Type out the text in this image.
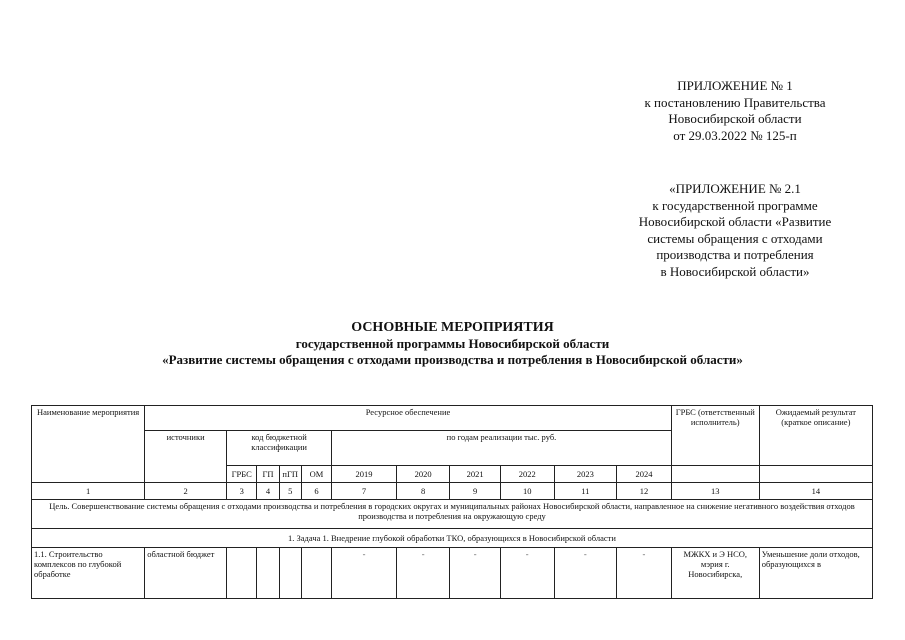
ПРИЛОЖЕНИЕ № 1
к постановлению Правительства
Новосибирской области
от 29.03.2022 № 125-п
«ПРИЛОЖЕНИЕ № 2.1
к государственной программе
Новосибирской области «Развитие
системы обращения с отходами
производства и потребления
в Новосибирской области»
ОСНОВНЫЕ МЕРОПРИЯТИЯ
государственной программы Новосибирской области
«Развитие системы обращения с отходами производства и потребления в Новосибирской области»
Наименование мероприятия	Ресурсное обеспечение											ГРБС (ответственный исполнитель)	Ожидаемый результат (краткое описание)
	источники	код бюджетной классификации				по годам реализации тыс. руб.							
		ГРБС	ГП	пГП	ОМ	2019	2020	2021	2022	2023	2024		
1	2	3	4	5	6	7	8	9	10	11	12	13	14
Цель. Совершенствование системы обращения с отходами производства и потребления в городских округах и муниципальных районах Новосибирской области, направленное на снижение негативного воздействия отходов производства и потребления на окружающую среду													
1. Задача 1. Внедрение глубокой обработки ТКО, образующихся в Новосибирской области													
1.1. Строительство комплексов по глубокой обработке	областной бюджет					-	-	-	-	-	-	МЖКХ и Э НСО, мэрия г. Новосибирска,	Уменьшение доли отходов, образующихся в
